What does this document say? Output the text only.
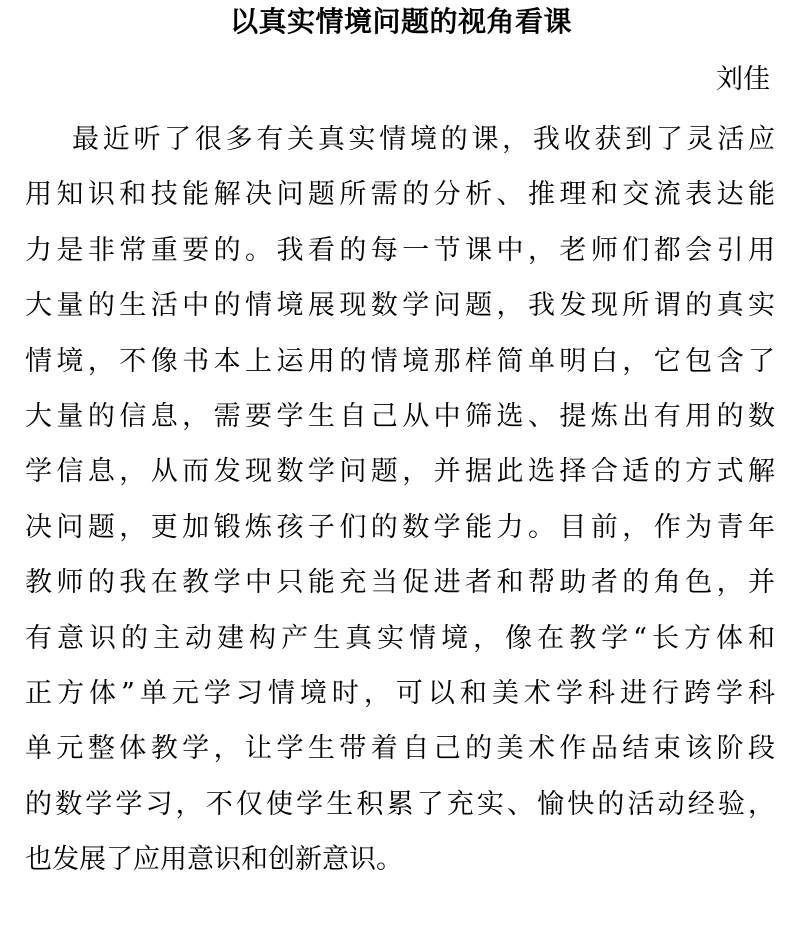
以真实情境问题的视角看课
刘佳
最近听了很多有关真实情境的课，我收获到了灵活应
用知识和技能解决问题所需的分析、推理和交流表达能
力是非常重要的。我看的每一节课中，老师们都会引用
大量的生活中的情境展现数学问题，我发现所谓的真实
情境，不像书本上运用的情境那样简单明白，它包含了
大量的信息，需要学生自己从中筛选、提炼出有用的数
学信息，从而发现数学问题，并据此选择合适的方式解
决问题，更加锻炼孩子们的数学能力。目前，作为青年
教师的我在教学中只能充当促进者和帮助者的角色，并
有意识的主动建构产生真实情境，像在教学“长方体和
正方体”单元学习情境时，可以和美术学科进行跨学科
单元整体教学，让学生带着自己的美术作品结束该阶段
的数学学习，不仅使学生积累了充实、愉快的活动经验，
也发展了应用意识和创新意识。
